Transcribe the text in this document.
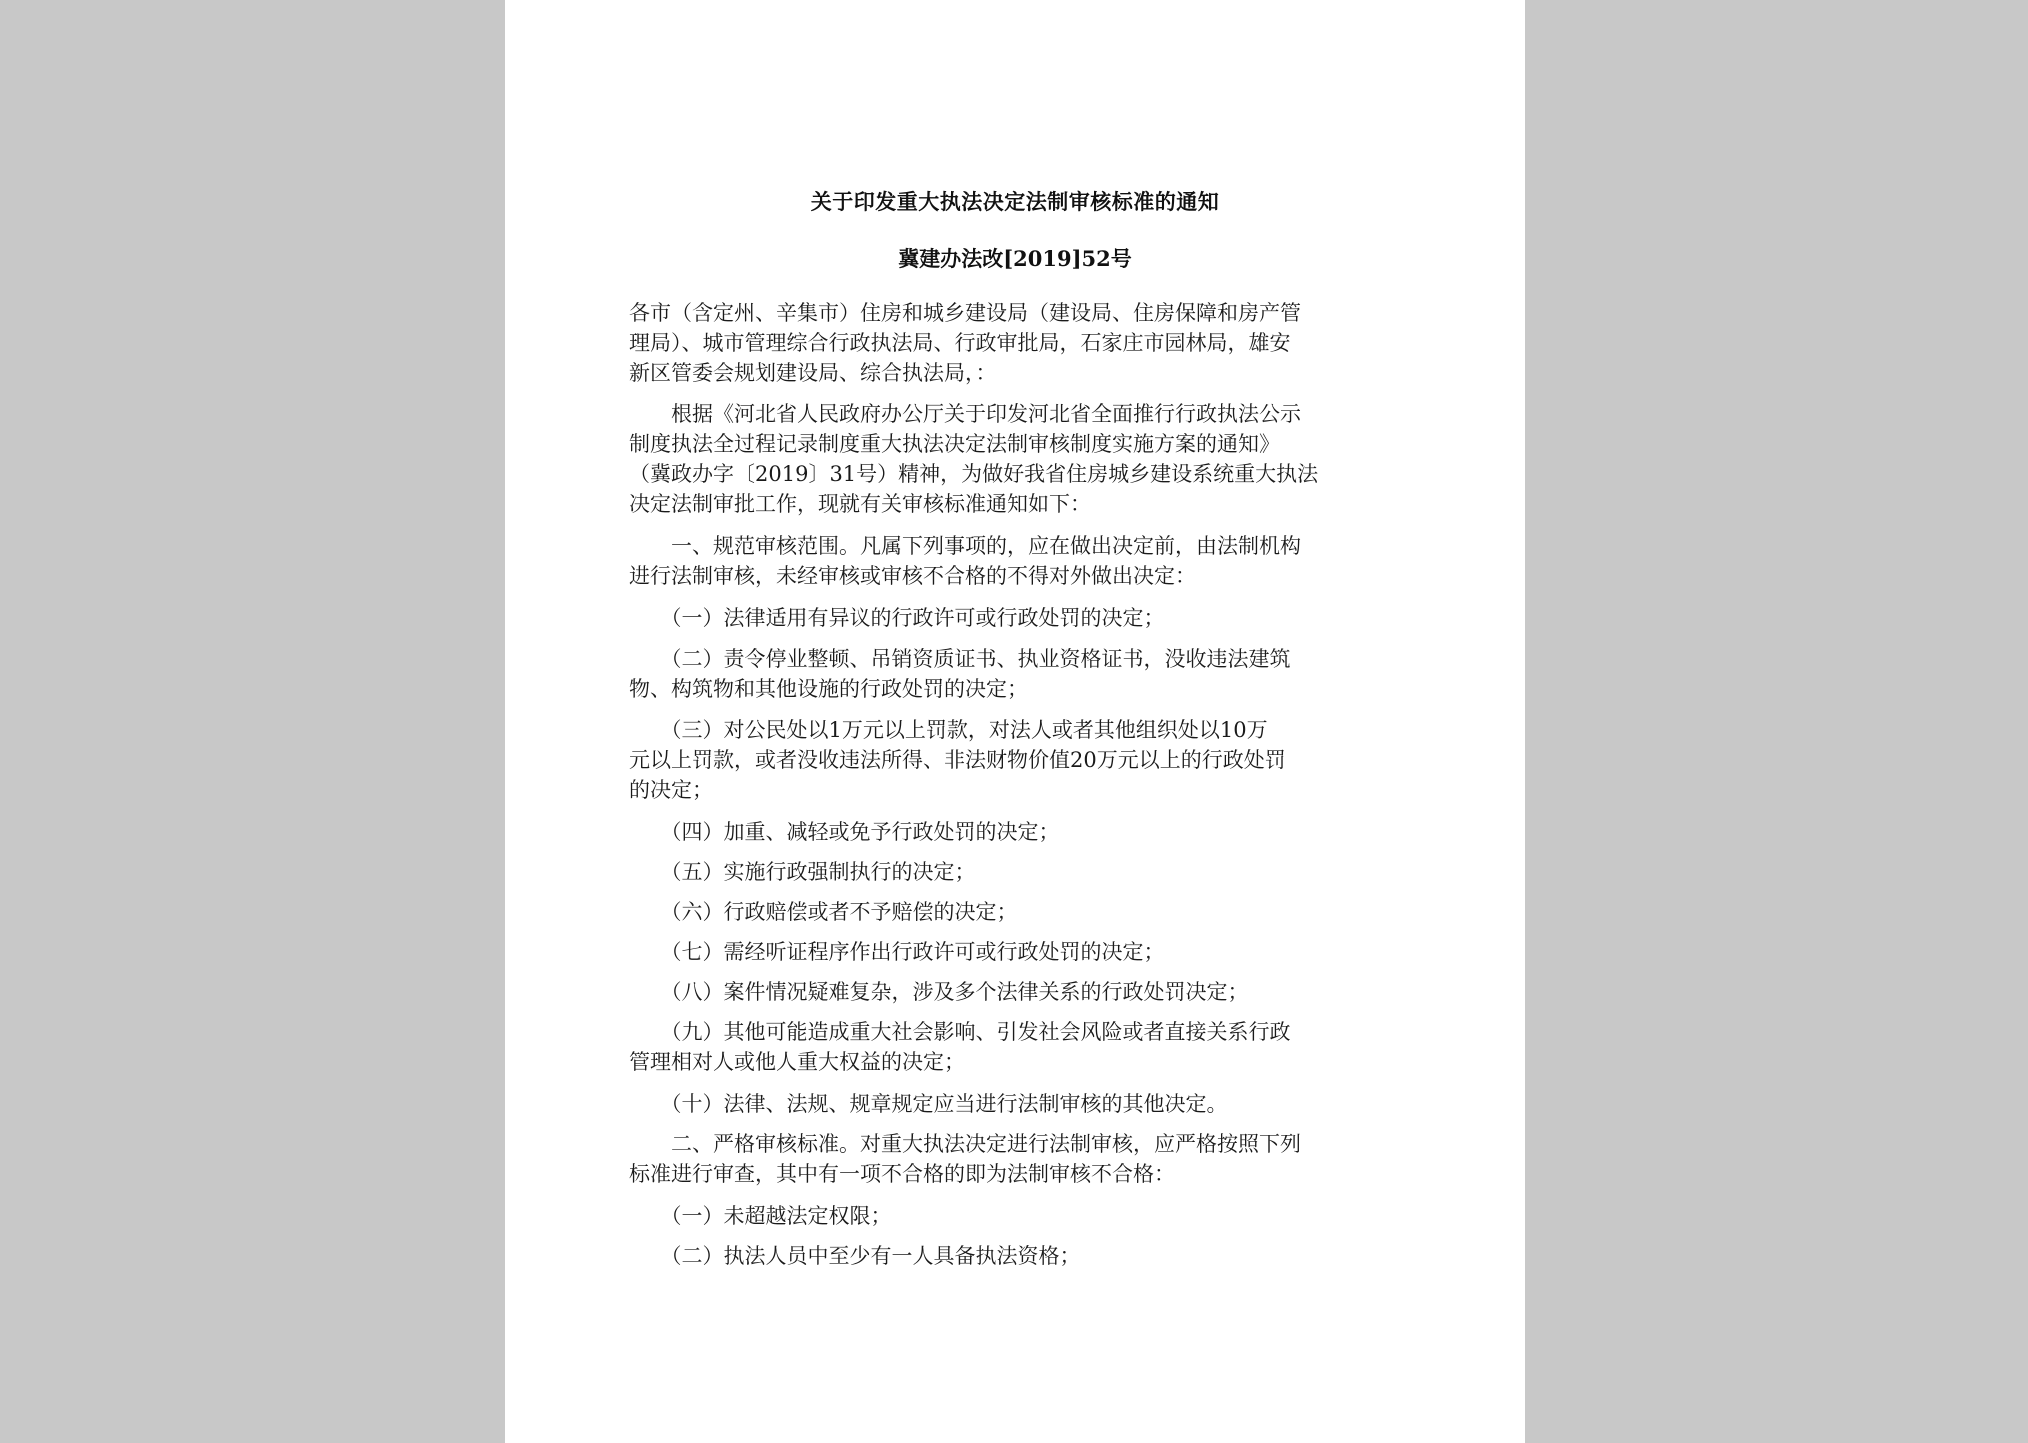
关于印发重大执法决定法制审核标准的通知
冀建办法改[2019]52号
各市（含定州、辛集市）住房和城乡建设局（建设局、住房保障和房产管
理局）、城市管理综合行政执法局、行政审批局，石家庄市园林局，雄安
新区管委会规划建设局、综合执法局，：
　　根据《河北省人民政府办公厅关于印发河北省全面推行行政执法公示
制度执法全过程记录制度重大执法决定法制审核制度实施方案的通知》
（冀政办字〔2019〕31号）精神，为做好我省住房城乡建设系统重大执法
决定法制审批工作，现就有关审核标准通知如下：
　　一、规范审核范围。凡属下列事项的，应在做出决定前，由法制机构
进行法制审核，未经审核或审核不合格的不得对外做出决定：
　　（一）法律适用有异议的行政许可或行政处罚的决定；
　　（二）责令停业整顿、吊销资质证书、执业资格证书，没收违法建筑
物、构筑物和其他设施的行政处罚的决定；
　　（三）对公民处以1万元以上罚款，对法人或者其他组织处以10万
元以上罚款，或者没收违法所得、非法财物价值20万元以上的行政处罚
的决定；
　　（四）加重、减轻或免予行政处罚的决定；
　　（五）实施行政强制执行的决定；
　　（六）行政赔偿或者不予赔偿的决定；
　　（七）需经听证程序作出行政许可或行政处罚的决定；
　　（八）案件情况疑难复杂，涉及多个法律关系的行政处罚决定；
　　（九）其他可能造成重大社会影响、引发社会风险或者直接关系行政
管理相对人或他人重大权益的决定；
　　（十）法律、法规、规章规定应当进行法制审核的其他决定。
　　二、严格审核标准。对重大执法决定进行法制审核，应严格按照下列
标准进行审查，其中有一项不合格的即为法制审核不合格：
　　（一）未超越法定权限；
　　（二）执法人员中至少有一人具备执法资格；
